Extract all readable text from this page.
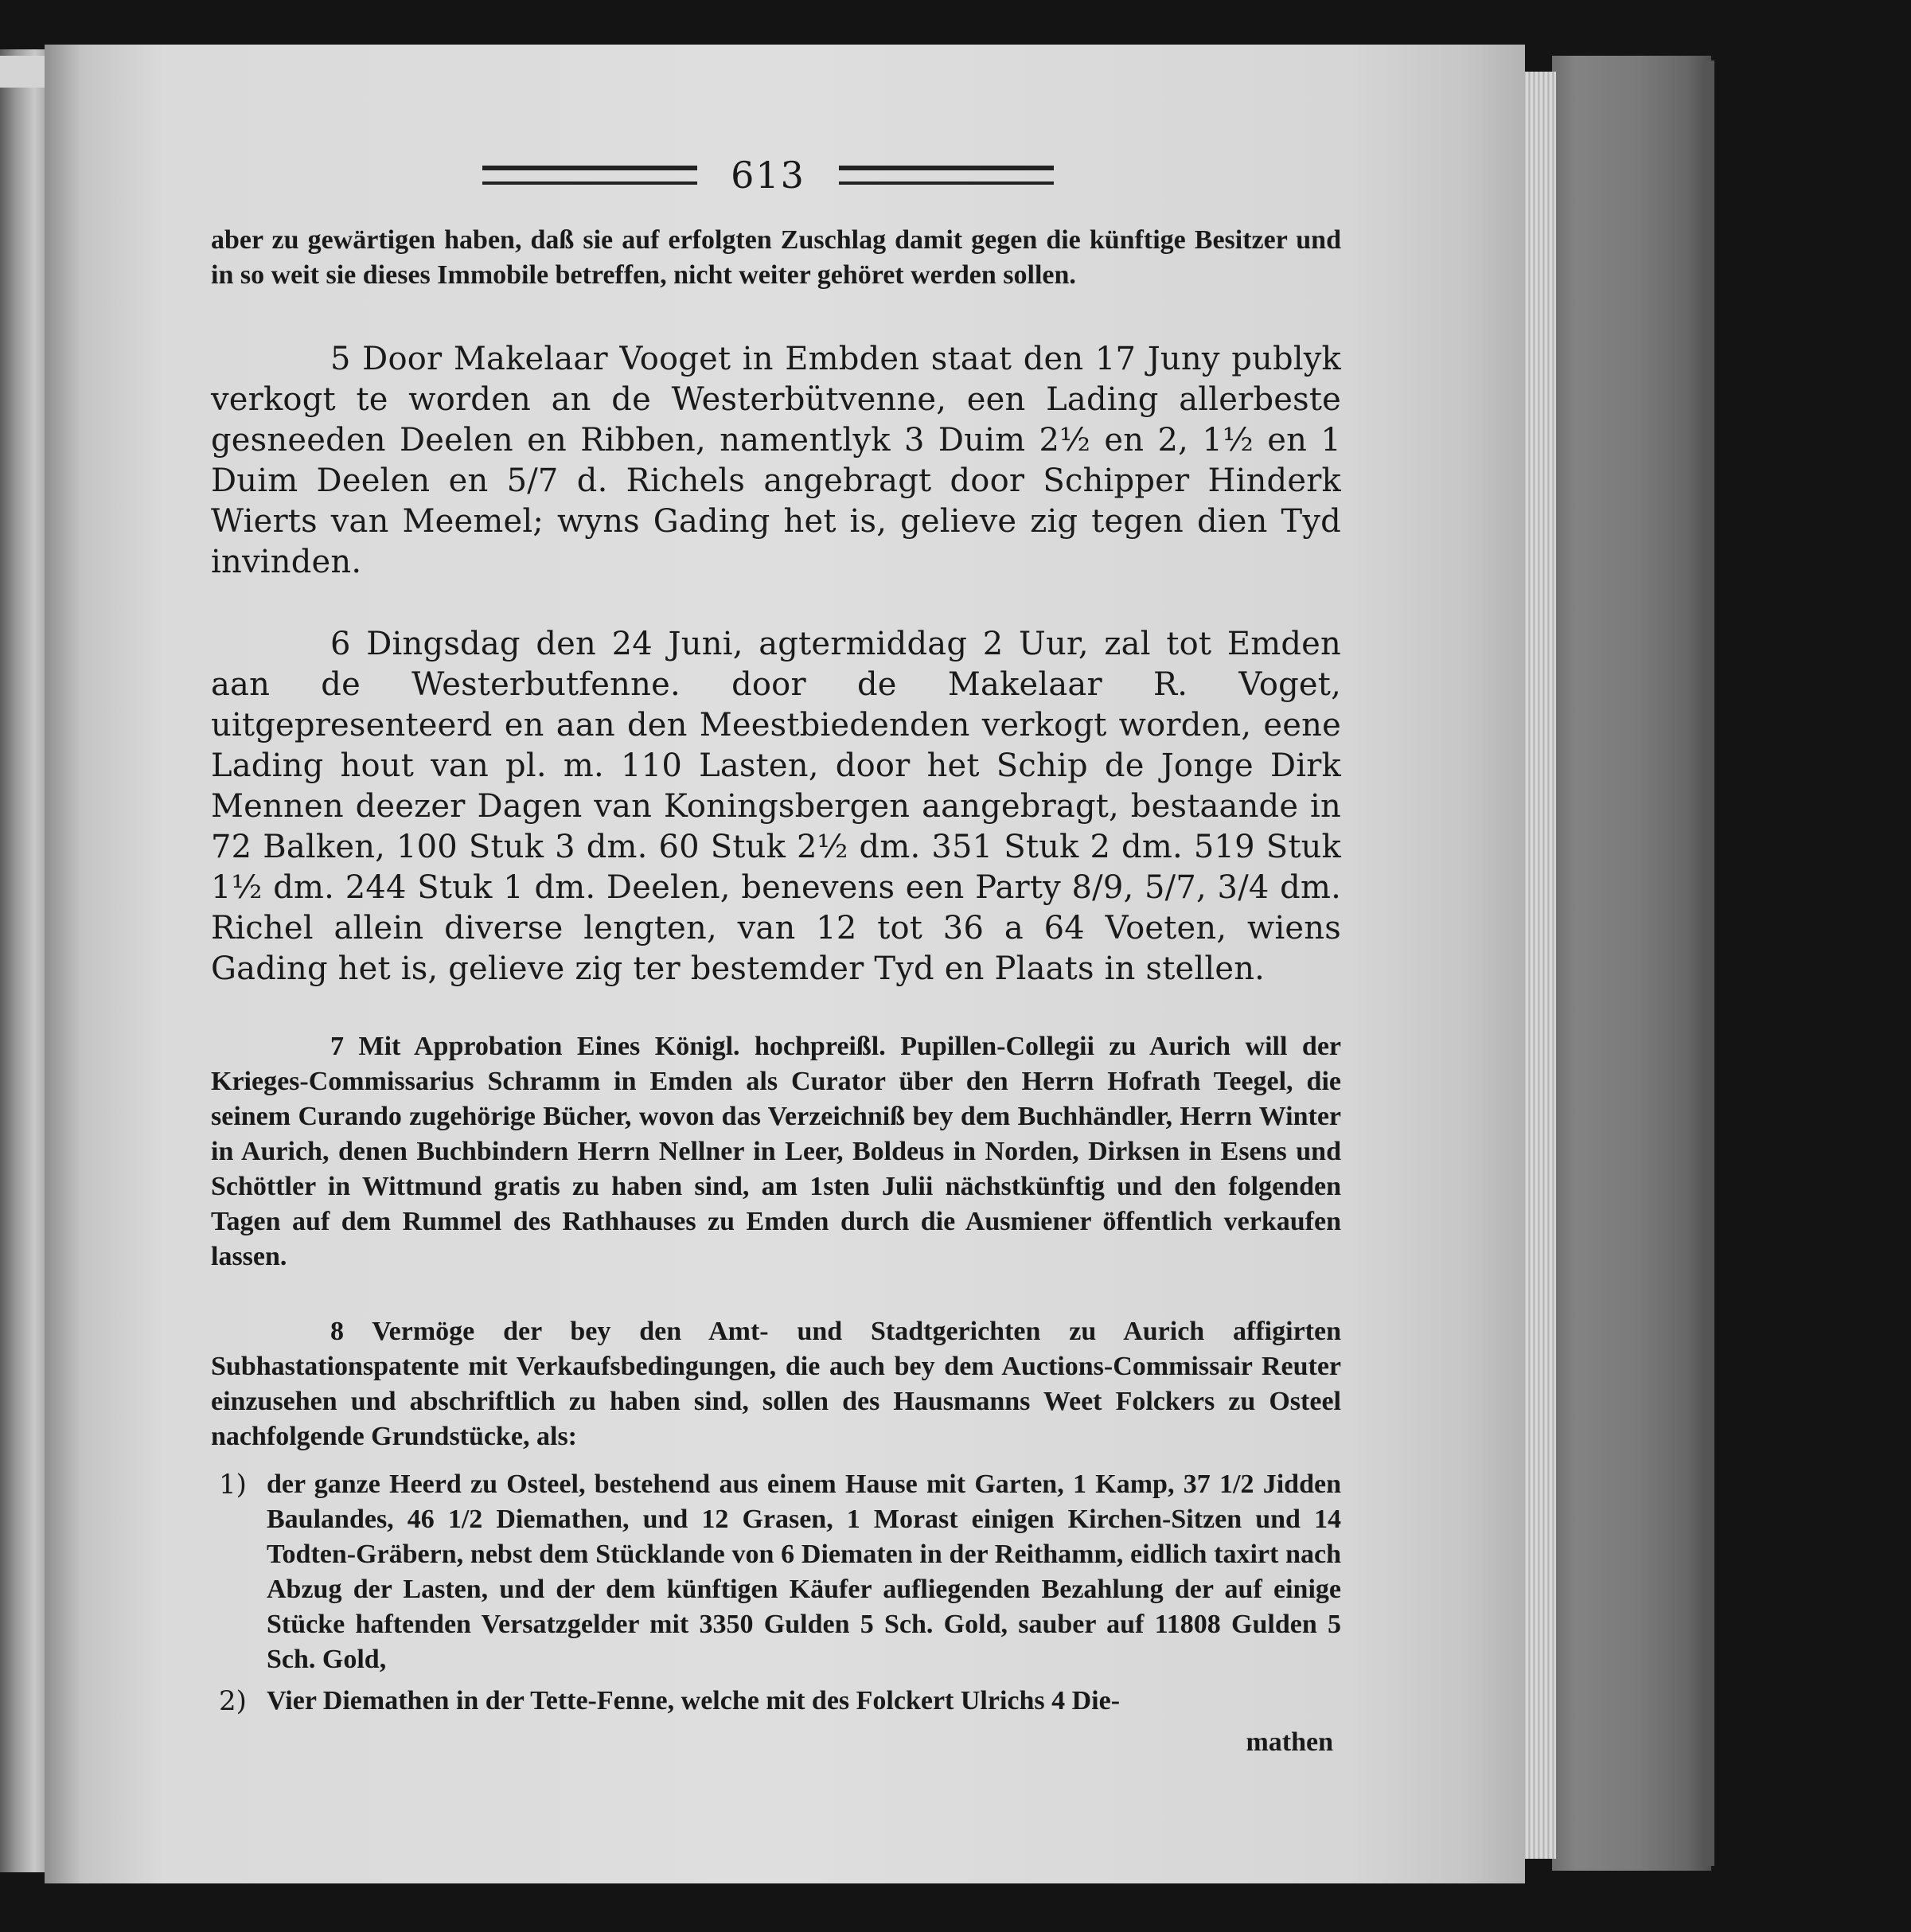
613

aber zu gewärtigen haben, daß sie auf erfolgten Zuschlag damit gegen die künftige Besitzer und in so weit sie dieses Immobile betreffen, nicht weiter gehöret werden sollen.

5 Door Makelaar Vooget in Embden staat den 17 Juny publyk verkogt te worden an de Westerbütvenne, een Lading allerbeste gesneeden Deelen en Ribben, namentlyk 3 Duim 2½ en 2, 1½ en 1 Duim Deelen en 5/7 d. Richels angebragt door Schipper Hinderk Wierts van Meemel; wyns Gading het is, gelieve zig tegen dien Tyd invinden.

6 Dingsdag den 24 Juni, agtermiddag 2 Uur, zal tot Emden aan de Westerbutfenne. door de Makelaar R. Voget, uitgepresenteerd en aan den Meestbiedenden verkogt worden, eene Lading hout van pl. m. 110 Lasten, door het Schip de Jonge Dirk Mennen deezer Dagen van Koningsbergen aangebragt, bestaande in 72 Balken, 100 Stuk 3 dm. 60 Stuk 2½ dm. 351 Stuk 2 dm. 519 Stuk 1½ dm. 244 Stuk 1 dm. Deelen, benevens een Party 8/9, 5/7, 3/4 dm. Richel allein diverse lengten, van 12 tot 36 a 64 Voeten, wiens Gading het is, gelieve zig ter bestemder Tyd en Plaats in stellen.

7 Mit Approbation Eines Königl. hochpreißl. Pupillen-Collegii zu Aurich will der Krieges-Commissarius Schramm in Emden als Curator über den Herrn Hofrath Teegel, die seinem Curando zugehörige Bücher, wovon das Verzeichniß bey dem Buchhändler, Herrn Winter in Aurich, denen Buchbindern Herrn Nellner in Leer, Boldeus in Norden, Dirksen in Esens und Schöttler in Wittmund gratis zu haben sind, am 1sten Julii nächstkünftig und den folgenden Tagen auf dem Rummel des Rathhauses zu Emden durch die Ausmiener öffentlich verkaufen lassen.

8 Vermöge der bey den Amt- und Stadtgerichten zu Aurich affigirten Subhastationspatente mit Verkaufsbedingungen, die auch bey dem Auctions-Commissair Reuter einzusehen und abschriftlich zu haben sind, sollen des Hausmanns Weet Folckers zu Osteel nachfolgende Grundstücke, als:

1) der ganze Heerd zu Osteel, bestehend aus einem Hause mit Garten, 1 Kamp, 37 1/2 Jidden Baulandes, 46 1/2 Diemathen, und 12 Grasen, 1 Morast einigen Kirchen-Sitzen und 14 Todten-Gräbern, nebst dem Stücklande von 6 Diematen in der Reithamm, eidlich taxirt nach Abzug der Lasten, und der dem künftigen Käufer aufliegenden Bezahlung der auf einige Stücke haftenden Versatzgelder mit 3350 Gulden 5 Sch. Gold, sauber auf 11808 Gulden 5 Sch. Gold,

2) Vier Diemathen in der Tette-Fenne, welche mit des Folckert Ulrichs 4 Die-

mathen
